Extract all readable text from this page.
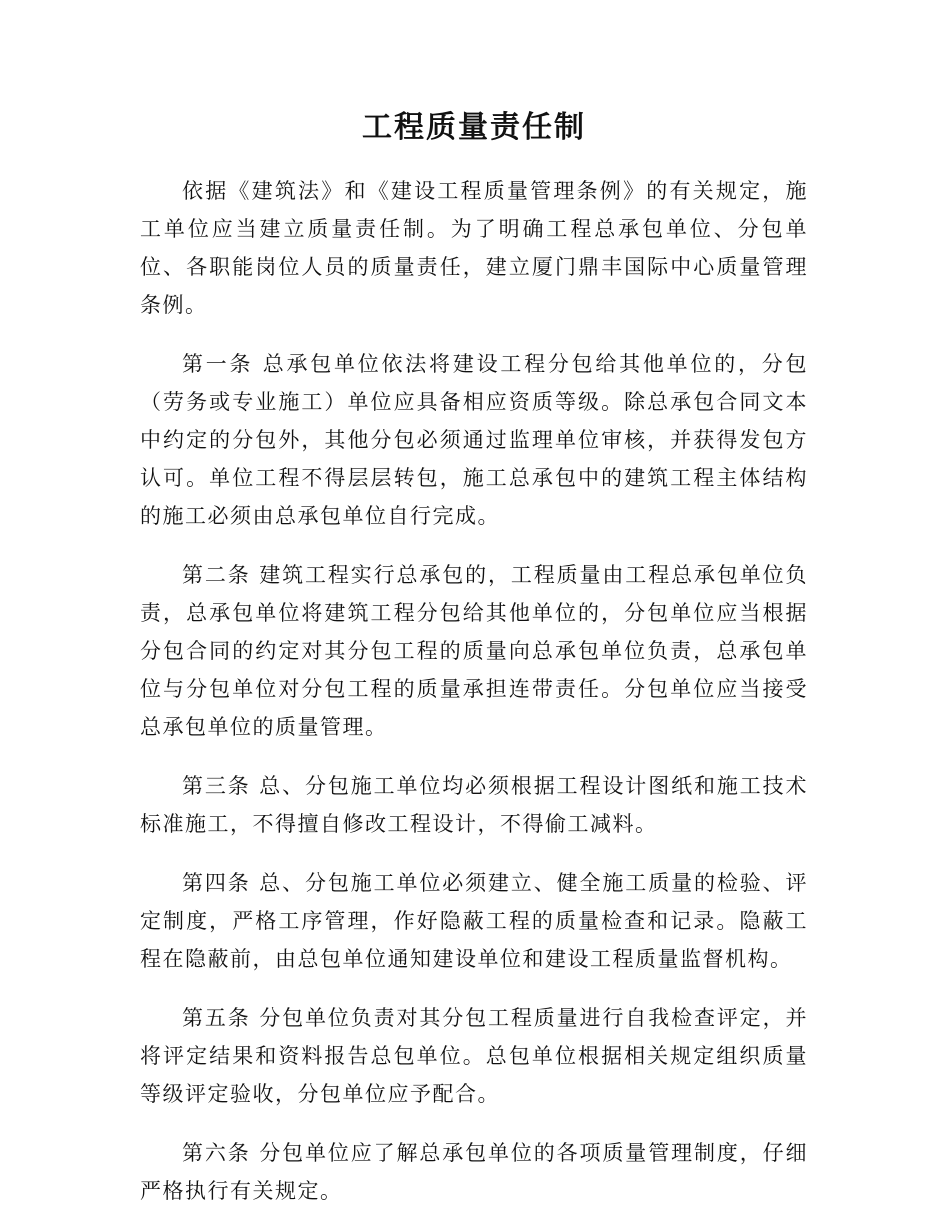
工程质量责任制

依据《建筑法》和《建设工程质量管理条例》的有关规定，施工单位应当建立质量责任制。为了明确工程总承包单位、分包单位、各职能岗位人员的质量责任，建立厦门鼎丰国际中心质量管理条例。

第一条 总承包单位依法将建设工程分包给其他单位的，分包（劳务或专业施工）单位应具备相应资质等级。除总承包合同文本中约定的分包外，其他分包必须通过监理单位审核，并获得发包方认可。单位工程不得层层转包，施工总承包中的建筑工程主体结构的施工必须由总承包单位自行完成。

第二条 建筑工程实行总承包的，工程质量由工程总承包单位负责，总承包单位将建筑工程分包给其他单位的，分包单位应当根据分包合同的约定对其分包工程的质量向总承包单位负责，总承包单位与分包单位对分包工程的质量承担连带责任。分包单位应当接受总承包单位的质量管理。

第三条 总、分包施工单位均必须根据工程设计图纸和施工技术标准施工，不得擅自修改工程设计，不得偷工减料。

第四条 总、分包施工单位必须建立、健全施工质量的检验、评定制度，严格工序管理，作好隐蔽工程的质量检查和记录。隐蔽工程在隐蔽前，由总包单位通知建设单位和建设工程质量监督机构。

第五条 分包单位负责对其分包工程质量进行自我检查评定，并将评定结果和资料报告总包单位。总包单位根据相关规定组织质量等级评定验收，分包单位应予配合。

第六条 分包单位应了解总承包单位的各项质量管理制度，仔细严格执行有关规定。
